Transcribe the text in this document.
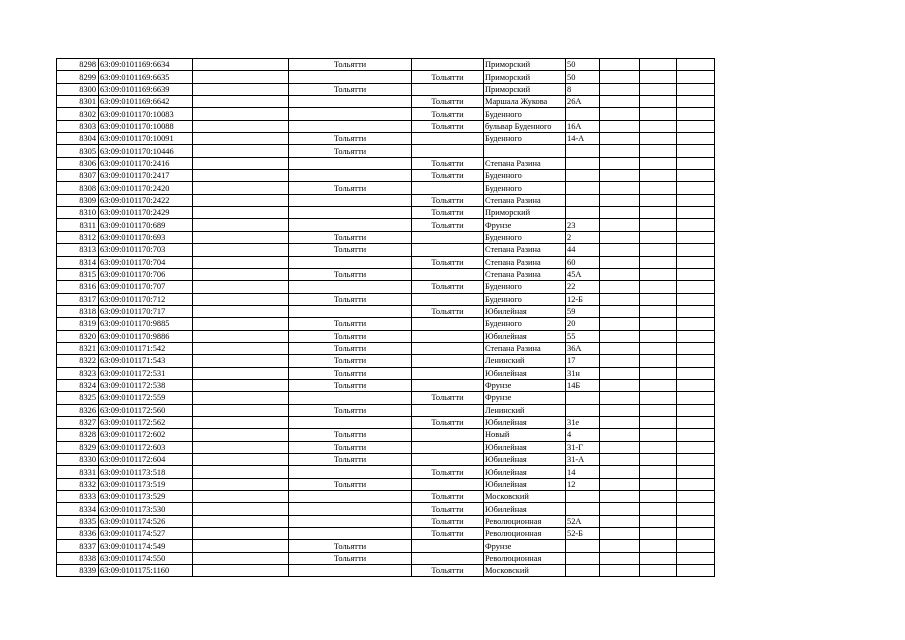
8298	63:09:0101169:6634		Тольятти		Приморский	50			
8299	63:09:0101169:6635			Тольятти	Приморский	50			
8300	63:09:0101169:6639		Тольятти		Приморский	8			
8301	63:09:0101169:6642			Тольятти	Маршала Жукова	26А			
8302	63:09:0101170:10083			Тольятти	Буденного				
8303	63:09:0101170:10088			Тольятти	бульвар Буденного	16А			
8304	63:09:0101170:10091		Тольятти		Буденного	14-А			
8305	63:09:0101170:10446		Тольятти						
8306	63:09:0101170:2416			Тольятти	Степана Разина				
8307	63:09:0101170:2417			Тольятти	Буденного				
8308	63:09:0101170:2420		Тольятти		Буденного				
8309	63:09:0101170:2422			Тольятти	Степана Разина				
8310	63:09:0101170:2429			Тольятти	Приморский				
8311	63:09:0101170:689			Тольятти	Фрунзе	23			
8312	63:09:0101170:693		Тольятти		Буденного	2			
8313	63:09:0101170:703		Тольятти		Степана Разина	44			
8314	63:09:0101170:704			Тольятти	Степана Разина	60			
8315	63:09:0101170:706		Тольятти		Степана Разина	45А			
8316	63:09:0101170:707			Тольятти	Буденного	22			
8317	63:09:0101170:712		Тольятти		Буденного	12-Б			
8318	63:09:0101170:717			Тольятти	Юбилейная	59			
8319	63:09:0101170:9885		Тольятти		Буденного	20			
8320	63:09:0101170:9886		Тольятти		Юбилейная	55			
8321	63:09:0101171:542		Тольятти		Степана Разина	36А			
8322	63:09:0101171:543		Тольятти		Ленинский	17			
8323	63:09:0101172:531		Тольятти		Юбилейная	31н			
8324	63:09:0101172:538		Тольятти		Фрунзе	14Б			
8325	63:09:0101172:559			Тольятти	Фрунзе				
8326	63:09:0101172:560		Тольятти		Ленинский				
8327	63:09:0101172:562			Тольятти	Юбилейная	31е			
8328	63:09:0101172:602		Тольятти		Новый	4			
8329	63:09:0101172:603		Тольятти		Юбилейная	31-Г			
8330	63:09:0101172:604		Тольятти		Юбилейная	31-А			
8331	63:09:0101173:518			Тольятти	Юбилейная	14			
8332	63:09:0101173:519		Тольятти		Юбилейная	12			
8333	63:09:0101173:529			Тольятти	Московский				
8334	63:09:0101173:530			Тольятти	Юбилейная				
8335	63:09:0101174:526			Тольятти	Революционная	52А			
8336	63:09:0101174:527			Тольятти	Революционная	52-Б			
8337	63:09:0101174:549		Тольятти		Фрунзе				
8338	63:09:0101174:550		Тольятти		Революционная				
8339	63:09:0101175:1160			Тольятти	Московский				
